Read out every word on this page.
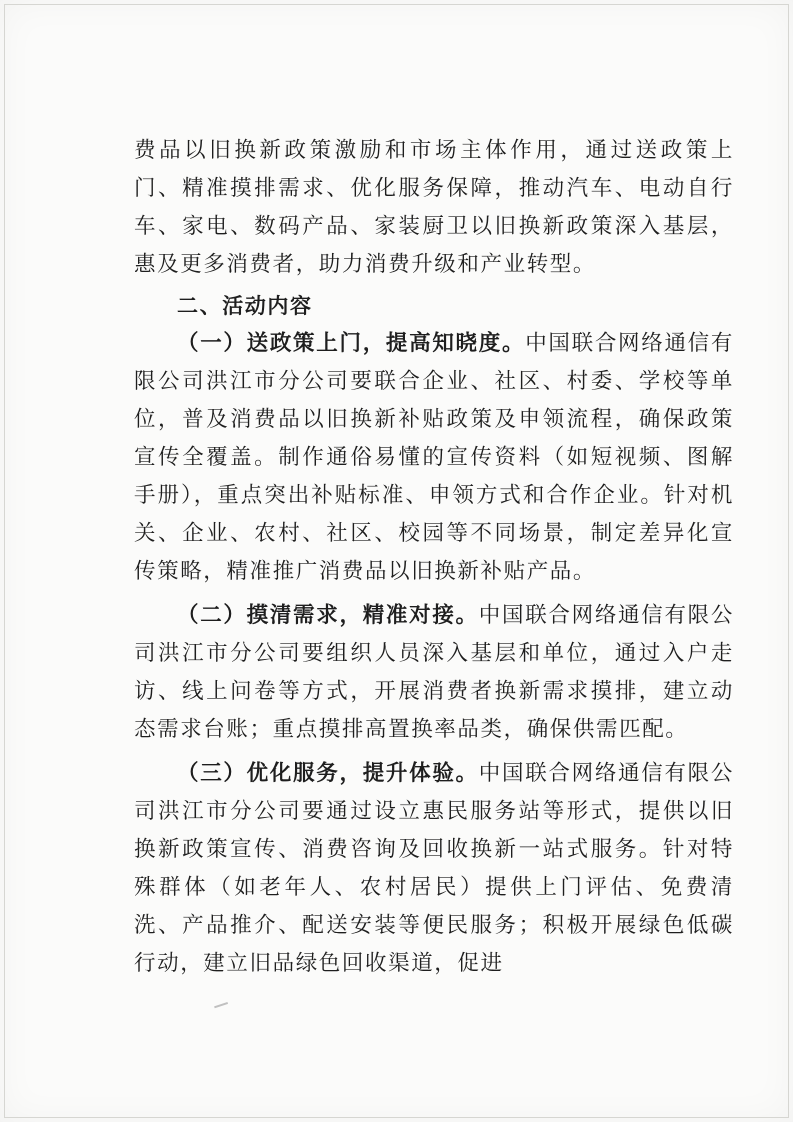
费品以旧换新政策激励和市场主体作用，通过送政策上门、精准摸排需求、优化服务保障，推动汽车、电动自行车、家电、数码产品、家装厨卫以旧换新政策深入基层，惠及更多消费者，助力消费升级和产业转型。

二、活动内容

（一）送政策上门，提高知晓度。中国联合网络通信有限公司洪江市分公司要联合企业、社区、村委、学校等单位，普及消费品以旧换新补贴政策及申领流程，确保政策宣传全覆盖。制作通俗易懂的宣传资料（如短视频、图解手册），重点突出补贴标准、申领方式和合作企业。针对机关、企业、农村、社区、校园等不同场景，制定差异化宣传策略，精准推广消费品以旧换新补贴产品。

（二）摸清需求，精准对接。中国联合网络通信有限公司洪江市分公司要组织人员深入基层和单位，通过入户走访、线上问卷等方式，开展消费者换新需求摸排，建立动态需求台账；重点摸排高置换率品类，确保供需匹配。

（三）优化服务，提升体验。中国联合网络通信有限公司洪江市分公司要通过设立惠民服务站等形式，提供以旧换新政策宣传、消费咨询及回收换新一站式服务。针对特殊群体（如老年人、农村居民）提供上门评估、免费清洗、产品推介、配送安装等便民服务；积极开展绿色低碳行动，建立旧品绿色回收渠道，促进
